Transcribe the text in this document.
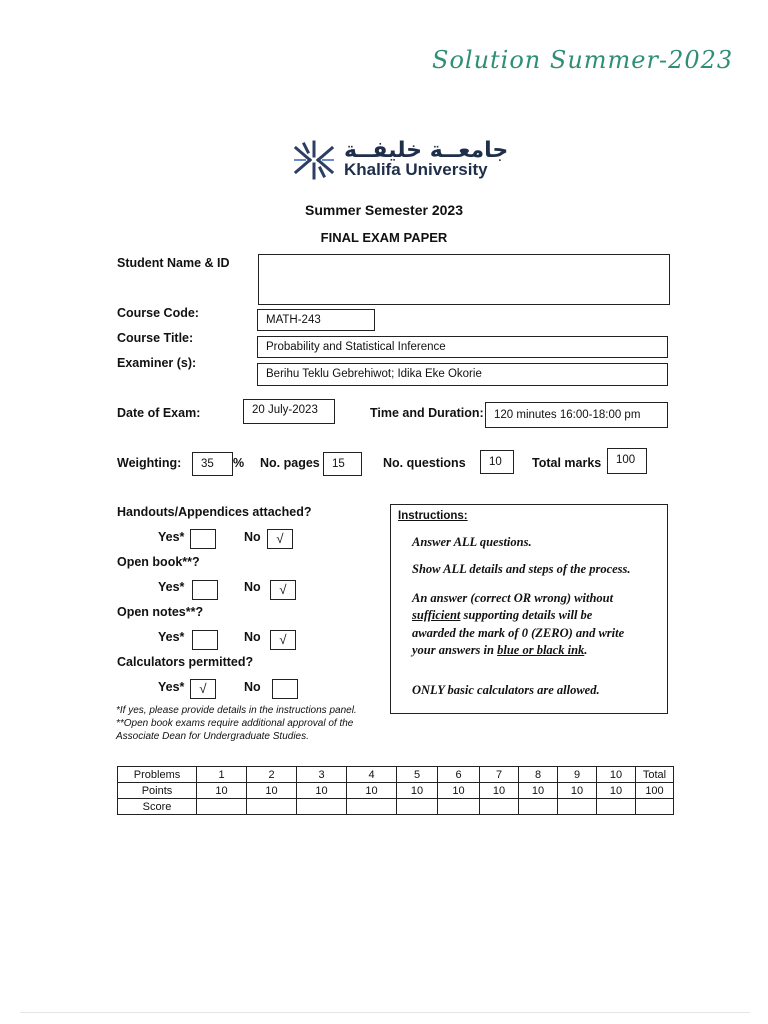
Solution Summer-2023
جامعــة خليفــة
Khalifa University
Summer Semester 2023
FINAL EXAM PAPER
Student Name & ID
Course Code:	MATH-243
Course Title:
Probability and Statistical Inference
Examiner (s):
Berihu Teklu Gebrehiwot; Idika Eke Okorie
Date of Exam:	20 July-2023	Time and Duration: 120 minutes 16:00-18:00 pm
Weighting:	35	% No. pages	15	No. questions	10	Total marks	100
Handouts/Appendices attached?
Yes*	No	√
Open book**?
Yes*	No	√
Open notes**?
Yes*	No	√
Calculators permitted?
Yes*	√	No
*If yes, please provide details in the instructions panel.
**Open book exams require additional approval of the
Associate Dean for Undergraduate Studies.
Instructions:
Answer ALL questions.
Show ALL details and steps of the process.
An answer (correct OR wrong) without
sufficient supporting details will be
awarded the mark of 0 (ZERO) and write
your answers in blue or black ink.
ONLY basic calculators are allowed.
Problems	1	2	3	4	5	6	7	8	9	10	Total
Points	10	10	10	10	10	10	10	10	10	10	100
Score											
